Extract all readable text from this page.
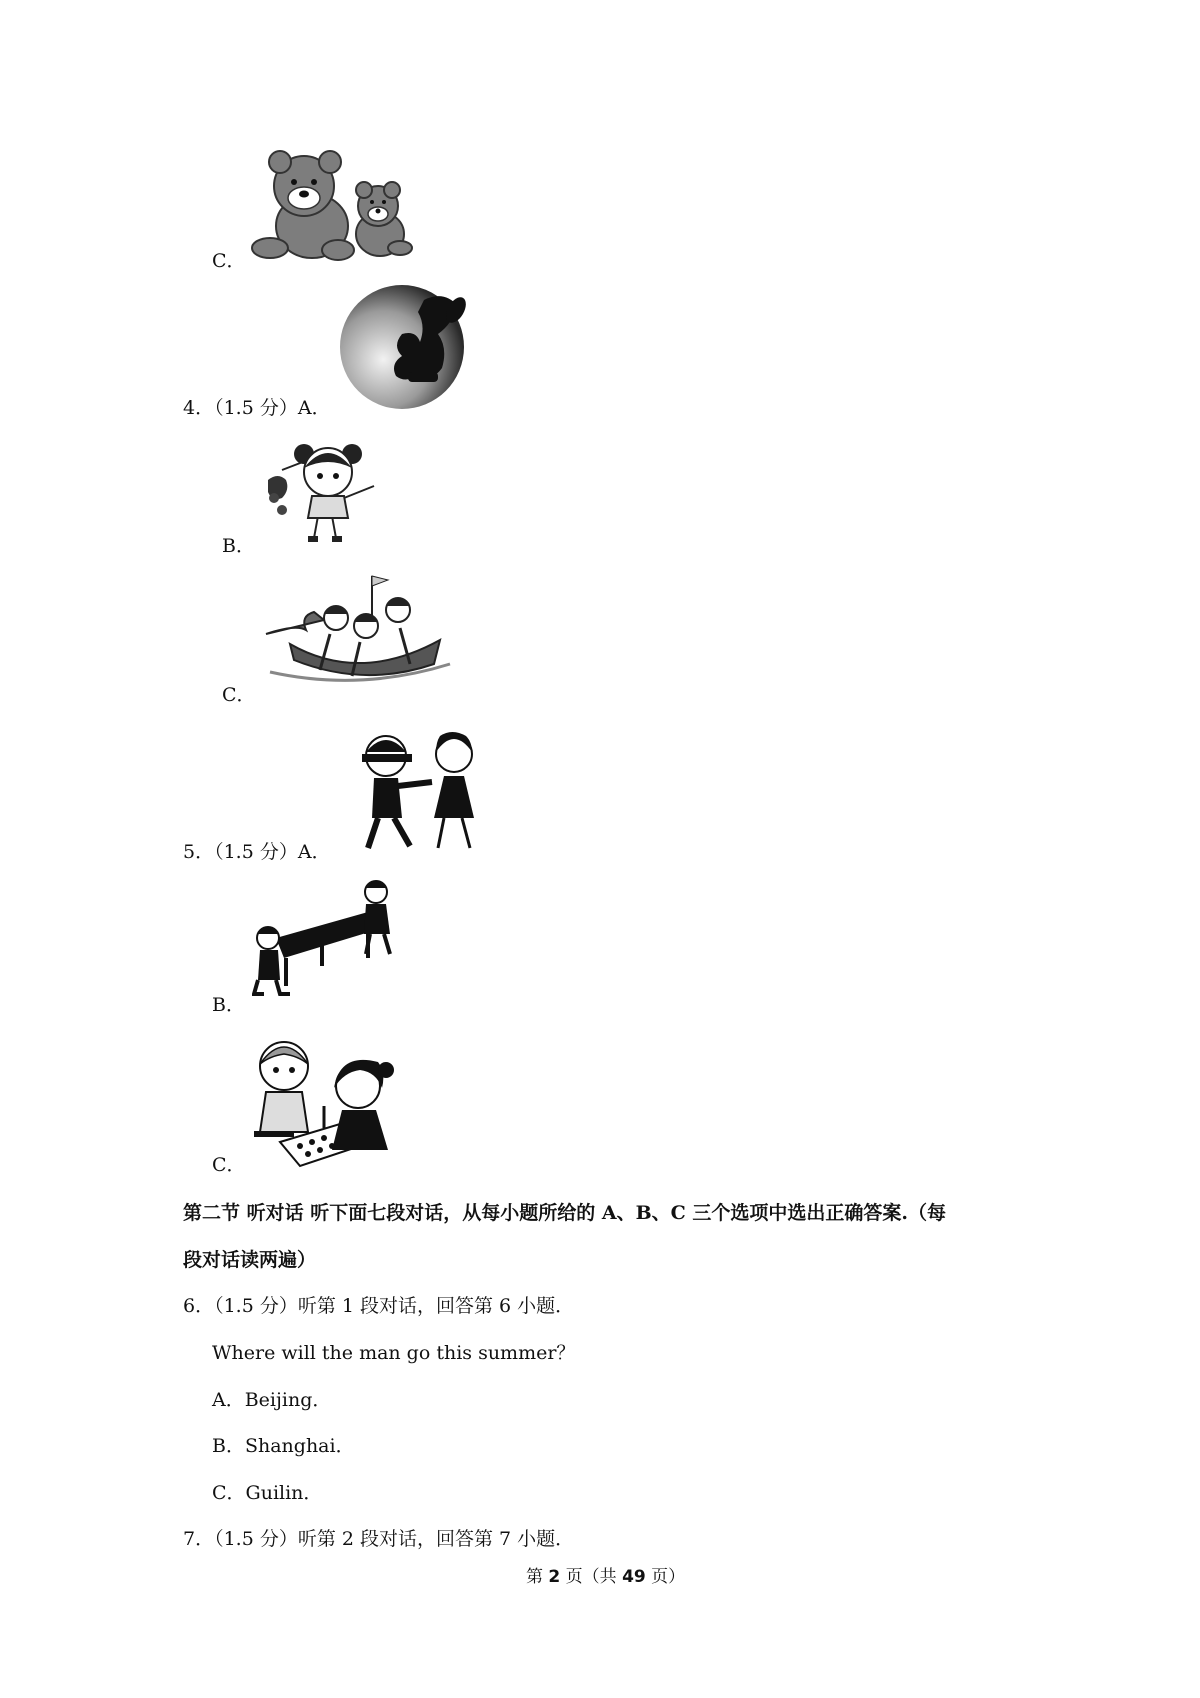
C．
4．（1.5 分）A．
B．
C．
5．（1.5 分）A．
B．
C．
第二节 听对话 听下面七段对话，从每小题所给的 A、B、C 三个选项中选出正确答案.（每
段对话读两遍）
6．（1.5 分）听第 1 段对话，回答第 6 小题．
Where will the man go this summer？
A．Beijing．
B．Shanghai．
C．Guilin．
7．（1.5 分）听第 2 段对话，回答第 7 小题．
第 2 页（共 49 页）
